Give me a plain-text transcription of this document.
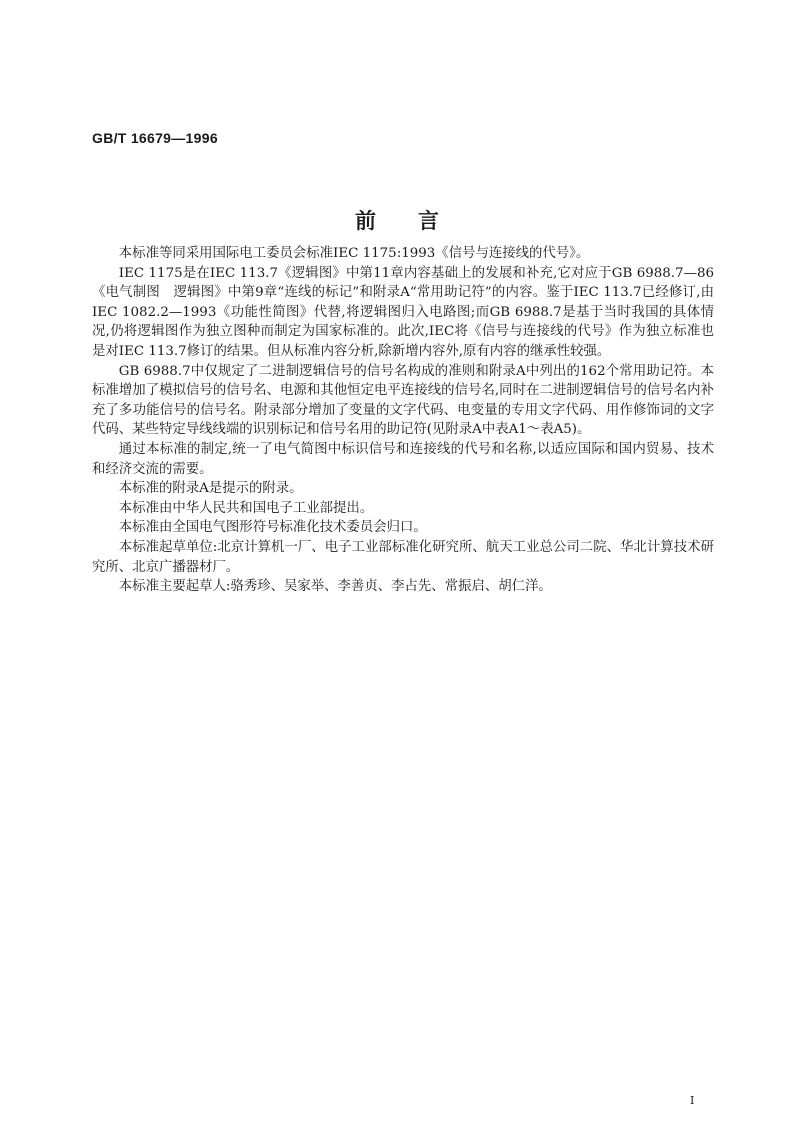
GB/T 16679—1996
前　　言

本标准等同采用国际电工委员会标准IEC 1175:1993《信号与连接线的代号》。

IEC 1175是在IEC 113.7《逻辑图》中第11章内容基础上的发展和补充,它对应于GB 6988.7—86《电气制图　逻辑图》中第9章“连线的标记”和附录A“常用助记符”的内容。鉴于IEC 113.7已经修订,由IEC 1082.2—1993《功能性简图》代替,将逻辑图归入电路图;而GB 6988.7是基于当时我国的具体情况,仍将逻辑图作为独立图种而制定为国家标准的。此次,IEC将《信号与连接线的代号》作为独立标准也是对IEC 113.7修订的结果。但从标准内容分析,除新增内容外,原有内容的继承性较强。

GB 6988.7中仅规定了二进制逻辑信号的信号名构成的准则和附录A中列出的162个常用助记符。本标准增加了模拟信号的信号名、电源和其他恒定电平连接线的信号名,同时在二进制逻辑信号的信号名内补充了多功能信号的信号名。附录部分增加了变量的文字代码、电变量的专用文字代码、用作修饰词的文字代码、某些特定导线线端的识别标记和信号名用的助记符(见附录A中表A1～表A5)。

通过本标准的制定,统一了电气简图中标识信号和连接线的代号和名称,以适应国际和国内贸易、技术和经济交流的需要。

本标准的附录A是提示的附录。

本标准由中华人民共和国电子工业部提出。

本标准由全国电气图形符号标准化技术委员会归口。

本标准起草单位:北京计算机一厂、电子工业部标准化研究所、航天工业总公司二院、华北计算技术研究所、北京广播器材厂。

本标准主要起草人:骆秀珍、吴家举、李善贞、李占先、常振启、胡仁洋。

I
